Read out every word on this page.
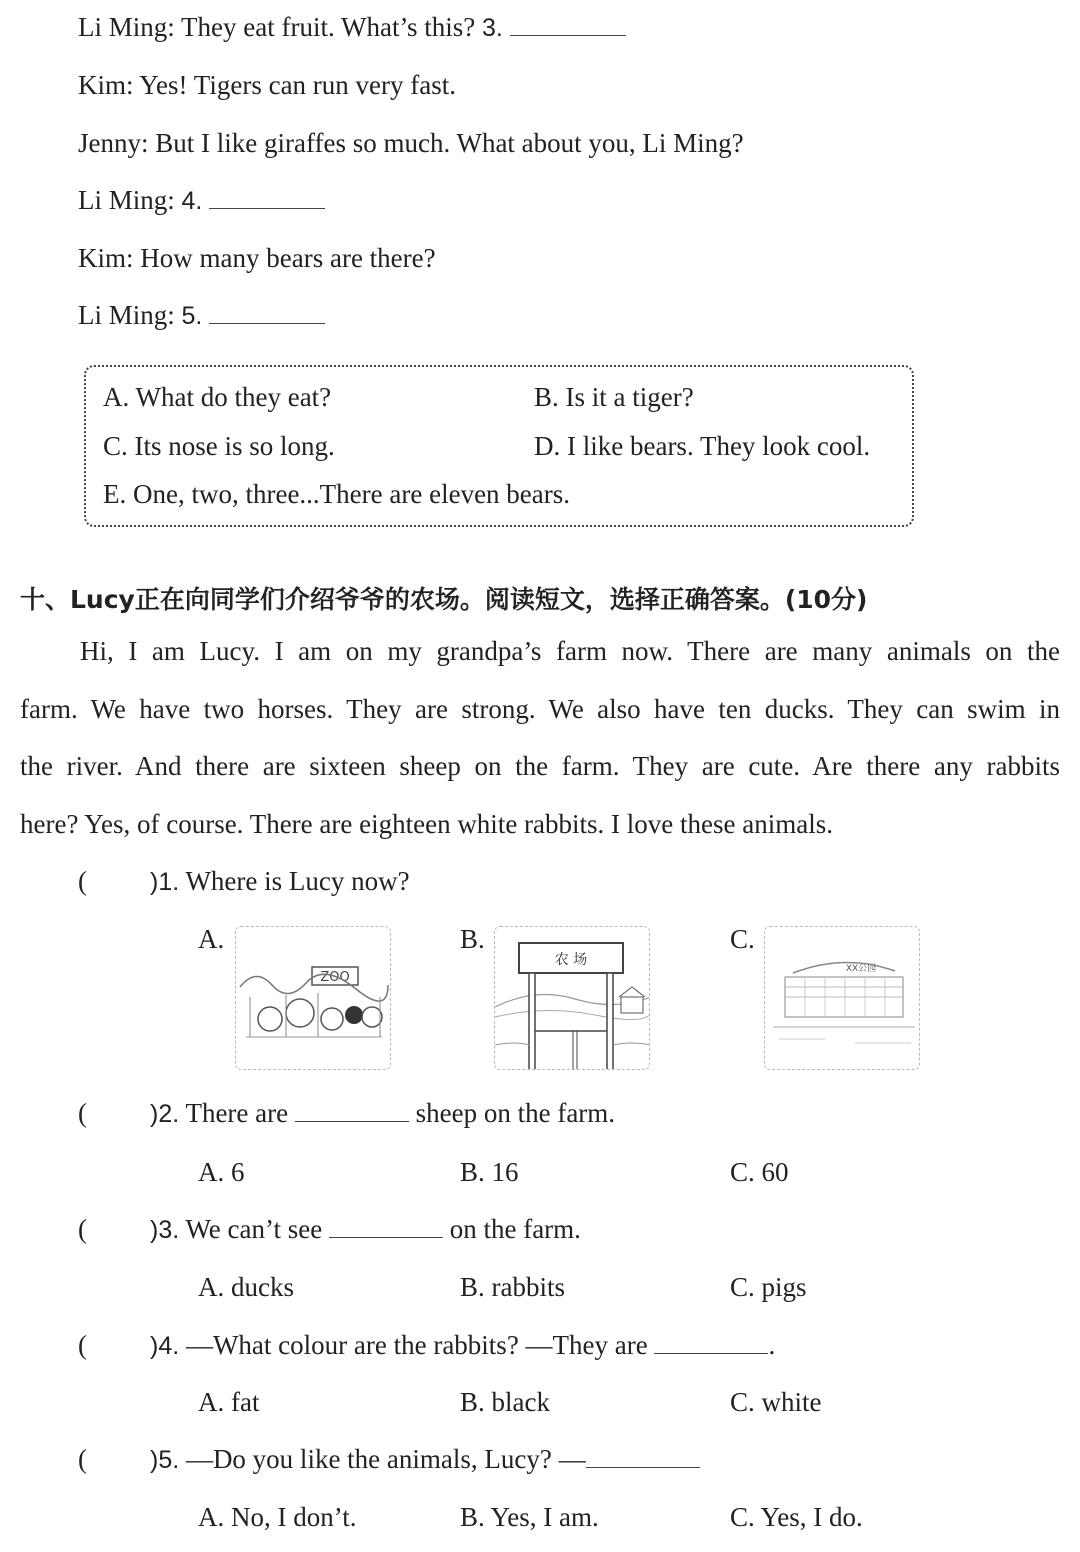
Li Ming: They eat fruit. What’s this? 3.
Kim: Yes! Tigers can run very fast.
Jenny: But I like giraffes so much. What about you, Li Ming?
Li Ming: 4.
Kim: How many bears are there?
Li Ming: 5.
A. What do they eat?	B. Is it a tiger?
C. Its nose is so long.	D. I like bears. They look cool.
E. One, two, three...There are eleven bears.
十、Lucy正在向同学们介绍爷爷的农场。阅读短文，选择正确答案。(10分)
Hi, I am Lucy. I am on my grandpa’s farm now. There are many animals on the
farm. We have two horses. They are strong. We also have ten ducks. They can swim in
the river. And there are sixteen sheep on the farm. They are cute. Are there any rabbits
here? Yes, of course. There are eighteen white rabbits. I love these animals.
(	)1. Where is Lucy now?
A.
ZOO
B.
农 场
C.
XX公园
(	)2. There are	sheep on the farm.
A. 6	B. 16	C. 60
(	)3. We can’t see	on the farm.
A. ducks	B. rabbits	C. pigs
(	)4. —What colour are the rabbits? —They are	.
A. fat	B. black	C. white
(	)5. —Do you like the animals, Lucy? —
A. No, I don’t.	B. Yes, I am.	C. Yes, I do.
